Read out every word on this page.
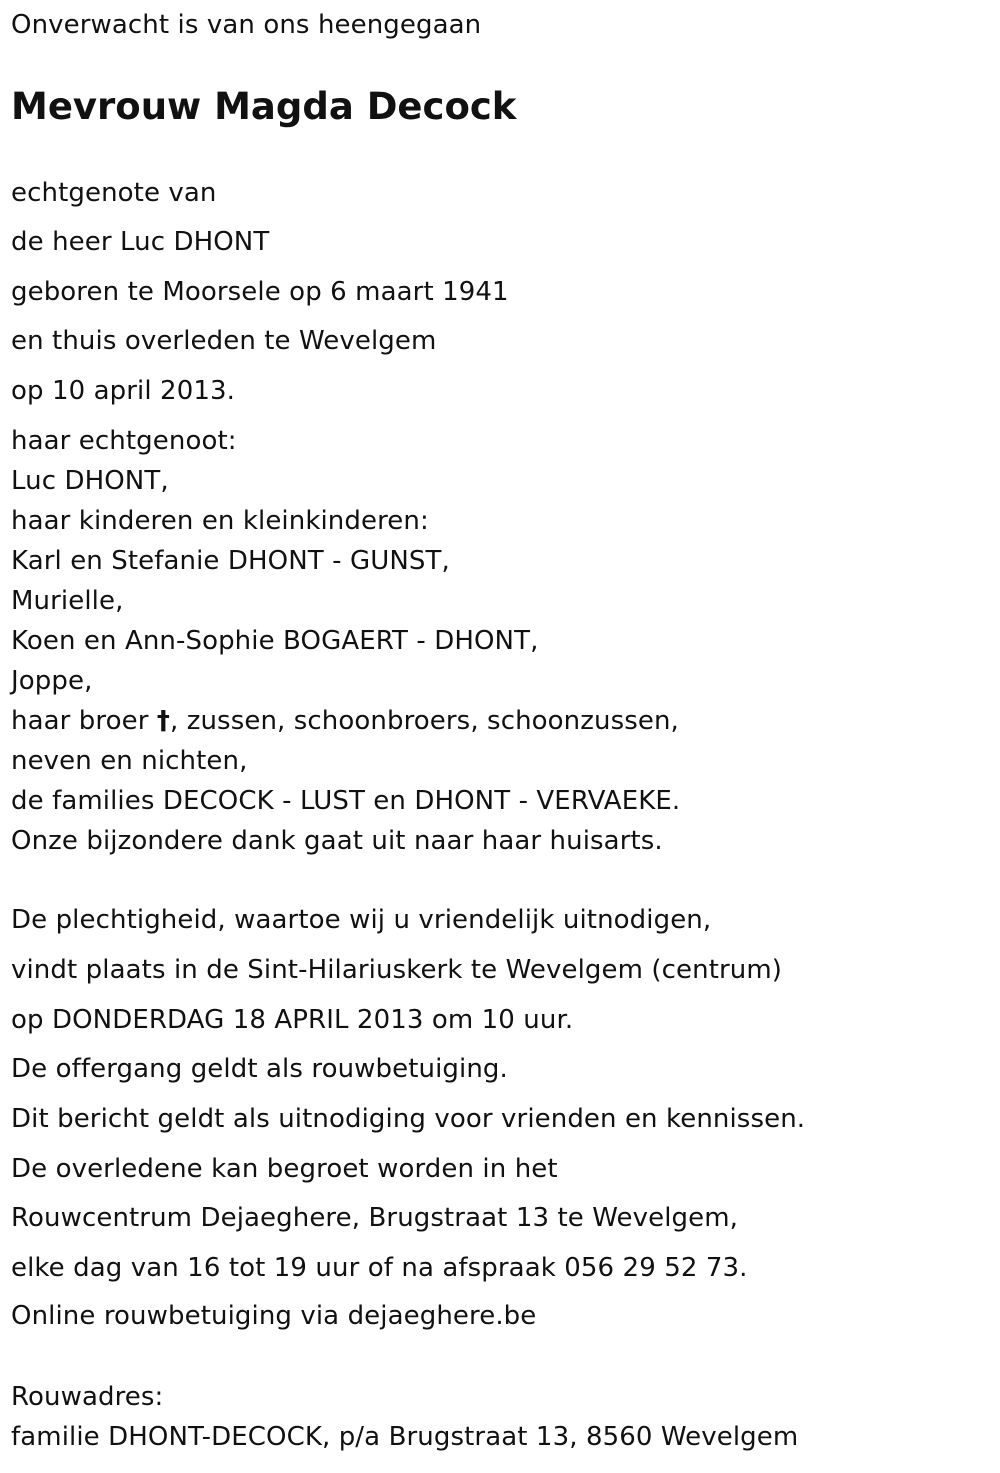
Onverwacht is van ons heengegaan
Mevrouw Magda Decock
echtgenote van
de heer Luc DHONT
geboren te Moorsele op 6 maart 1941
en thuis overleden te Wevelgem
op 10 april 2013.
haar echtgenoot:
Luc DHONT,
haar kinderen en kleinkinderen:
Karl en Stefanie DHONT - GUNST,
Murielle,
Koen en Ann-Sophie BOGAERT - DHONT,
Joppe,
haar broer †, zussen, schoonbroers, schoonzussen,
neven en nichten,
de families DECOCK - LUST en DHONT - VERVAEKE.
Onze bijzondere dank gaat uit naar haar huisarts.
De plechtigheid, waartoe wij u vriendelijk uitnodigen,
vindt plaats in de Sint-Hilariuskerk te Wevelgem (centrum)
op DONDERDAG 18 APRIL 2013 om 10 uur.
De offergang geldt als rouwbetuiging.
Dit bericht geldt als uitnodiging voor vrienden en kennissen.
De overledene kan begroet worden in het
Rouwcentrum Dejaeghere, Brugstraat 13 te Wevelgem,
elke dag van 16 tot 19 uur of na afspraak 056 29 52 73.
Online rouwbetuiging via dejaeghere.be
Rouwadres:
familie DHONT-DECOCK, p/a Brugstraat 13, 8560 Wevelgem
